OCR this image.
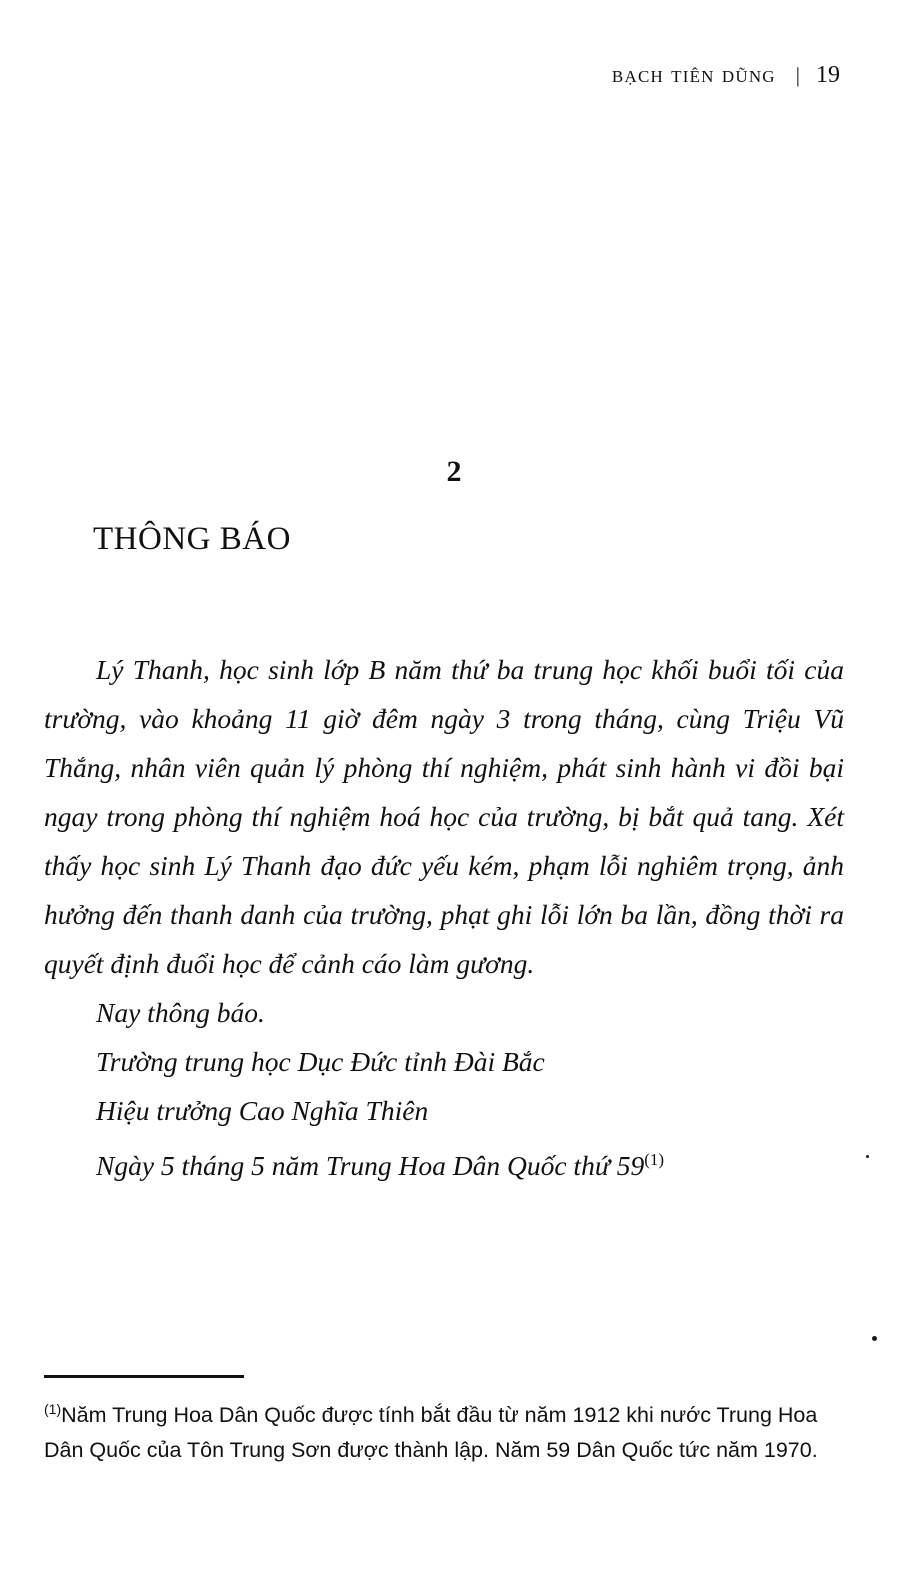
bạch tiên dũng | 19
2
THÔNG BÁO

Lý Thanh, học sinh lớp B năm thứ ba trung học khối buổi tối của trường, vào khoảng 11 giờ đêm ngày 3 trong tháng, cùng Triệu Vũ Thắng, nhân viên quản lý phòng thí nghiệm, phát sinh hành vi đồi bại ngay trong phòng thí nghiệm hoá học của trường, bị bắt quả tang. Xét thấy học sinh Lý Thanh đạo đức yếu kém, phạm lỗi nghiêm trọng, ảnh hưởng đến thanh danh của trường, phạt ghi lỗi lớn ba lần, đồng thời ra quyết định đuổi học để cảnh cáo làm gương.

Nay thông báo.

Trường trung học Dục Đức tỉnh Đài Bắc

Hiệu trưởng Cao Nghĩa Thiên

Ngày 5 tháng 5 năm Trung Hoa Dân Quốc thứ 59$^{(1)}$

$^{(1)}$Năm Trung Hoa Dân Quốc được tính bắt đầu từ năm 1912 khi nước Trung Hoa Dân Quốc của Tôn Trung Sơn được thành lập. Năm 59 Dân Quốc tức năm 1970.
